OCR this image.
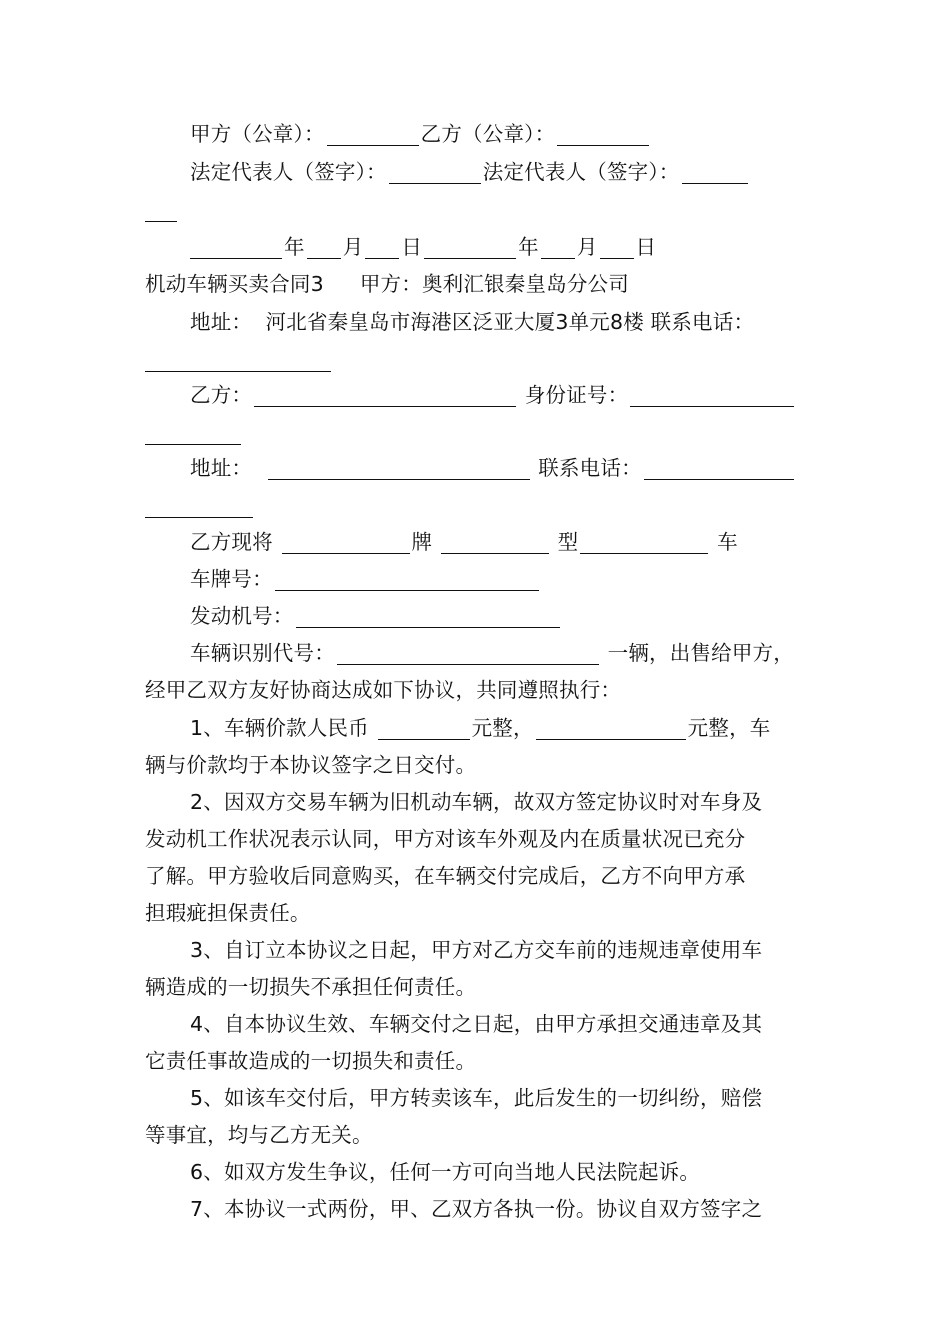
甲方（公章）：	乙方（公章）：
法定代表人（签字）：	法定代表人（签字）：
年 月 日	年 月 日
机动车辆买卖合同3 甲方：奥利汇银秦皇岛分公司
地址： 河北省秦皇岛市海港区泛亚大厦3单元8楼 联系电话：
乙方：	身份证号：
地址：	联系电话：
乙方现将	牌	型	车
车牌号：
发动机号：
车辆识别代号：	一辆，出售给甲方，
经甲乙双方友好协商达成如下协议，共同遵照执行：
1、车辆价款人民币	元整，	元整，车
辆与价款均于本协议签字之日交付。
2、因双方交易车辆为旧机动车辆，故双方签定协议时对车身及
发动机工作状况表示认同，甲方对该车外观及内在质量状况已充分
了解。甲方验收后同意购买，在车辆交付完成后，乙方不向甲方承
担瑕疵担保责任。
3、自订立本协议之日起，甲方对乙方交车前的违规违章使用车
辆造成的一切损失不承担任何责任。
4、自本协议生效、车辆交付之日起，由甲方承担交通违章及其
它责任事故造成的一切损失和责任。
5、如该车交付后，甲方转卖该车，此后发生的一切纠纷，赔偿
等事宜，均与乙方无关。
6、如双方发生争议，任何一方可向当地人民法院起诉。
7、本协议一式两份，甲、乙双方各执一份。协议自双方签字之
